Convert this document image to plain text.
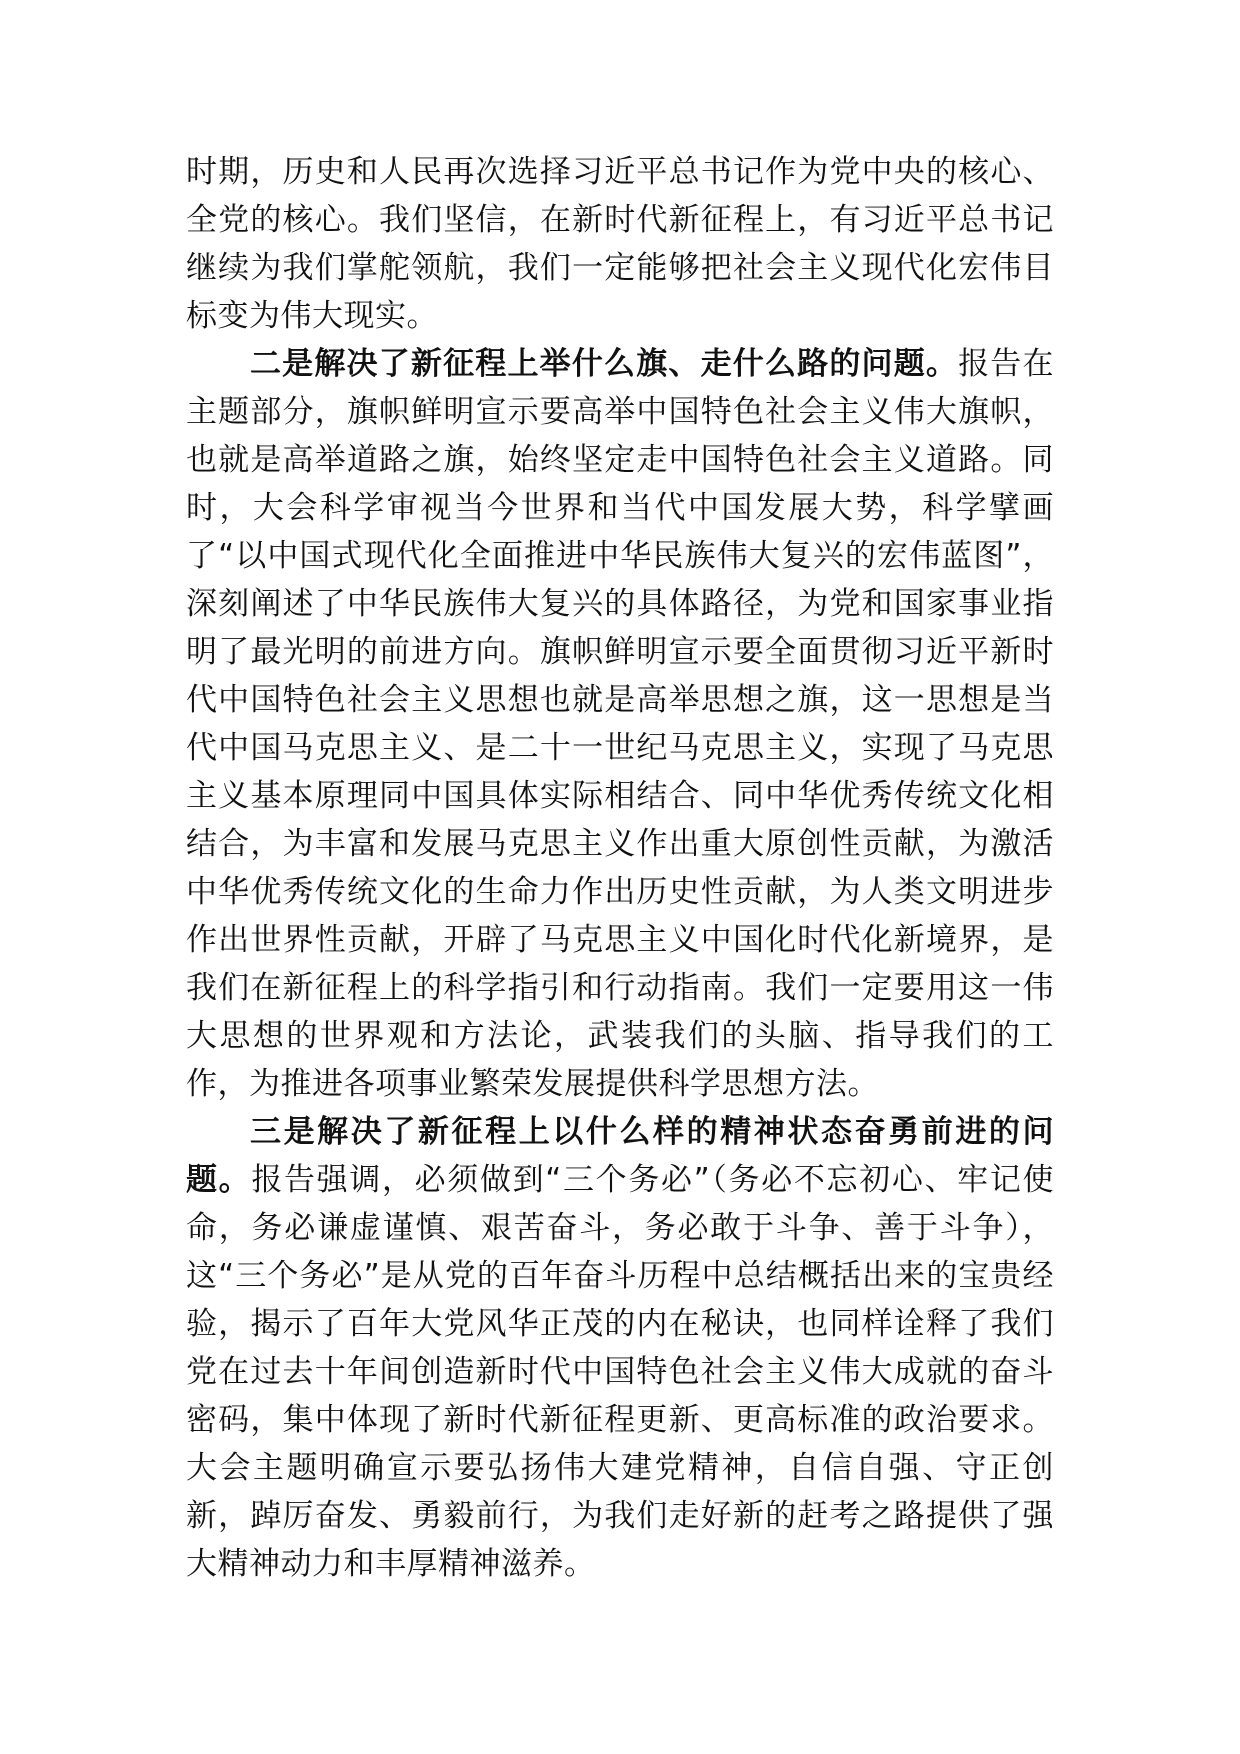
时期，历史和人民再次选择习近平总书记作为党中央的核心、全党的核心。我们坚信，在新时代新征程上，有习近平总书记继续为我们掌舵领航，我们一定能够把社会主义现代化宏伟目标变为伟大现实。

二是解决了新征程上举什么旗、走什么路的问题。报告在主题部分，旗帜鲜明宣示要高举中国特色社会主义伟大旗帜，也就是高举道路之旗，始终坚定走中国特色社会主义道路。同时，大会科学审视当今世界和当代中国发展大势，科学擘画了“以中国式现代化全面推进中华民族伟大复兴的宏伟蓝图”，深刻阐述了中华民族伟大复兴的具体路径，为党和国家事业指明了最光明的前进方向。旗帜鲜明宣示要全面贯彻习近平新时代中国特色社会主义思想也就是高举思想之旗，这一思想是当代中国马克思主义、是二十一世纪马克思主义，实现了马克思主义基本原理同中国具体实际相结合、同中华优秀传统文化相结合，为丰富和发展马克思主义作出重大原创性贡献，为激活中华优秀传统文化的生命力作出历史性贡献，为人类文明进步作出世界性贡献，开辟了马克思主义中国化时代化新境界，是我们在新征程上的科学指引和行动指南。我们一定要用这一伟大思想的世界观和方法论，武装我们的头脑、指导我们的工作，为推进各项事业繁荣发展提供科学思想方法。

三是解决了新征程上以什么样的精神状态奋勇前进的问题。报告强调，必须做到“三个务必”（务必不忘初心、牢记使命，务必谦虚谨慎、艰苦奋斗，务必敢于斗争、善于斗争），这“三个务必”是从党的百年奋斗历程中总结概括出来的宝贵经验，揭示了百年大党风华正茂的内在秘诀，也同样诠释了我们党在过去十年间创造新时代中国特色社会主义伟大成就的奋斗密码，集中体现了新时代新征程更新、更高标准的政治要求。大会主题明确宣示要弘扬伟大建党精神，自信自强、守正创新，踔厉奋发、勇毅前行，为我们走好新的赶考之路提供了强大精神动力和丰厚精神滋养。
